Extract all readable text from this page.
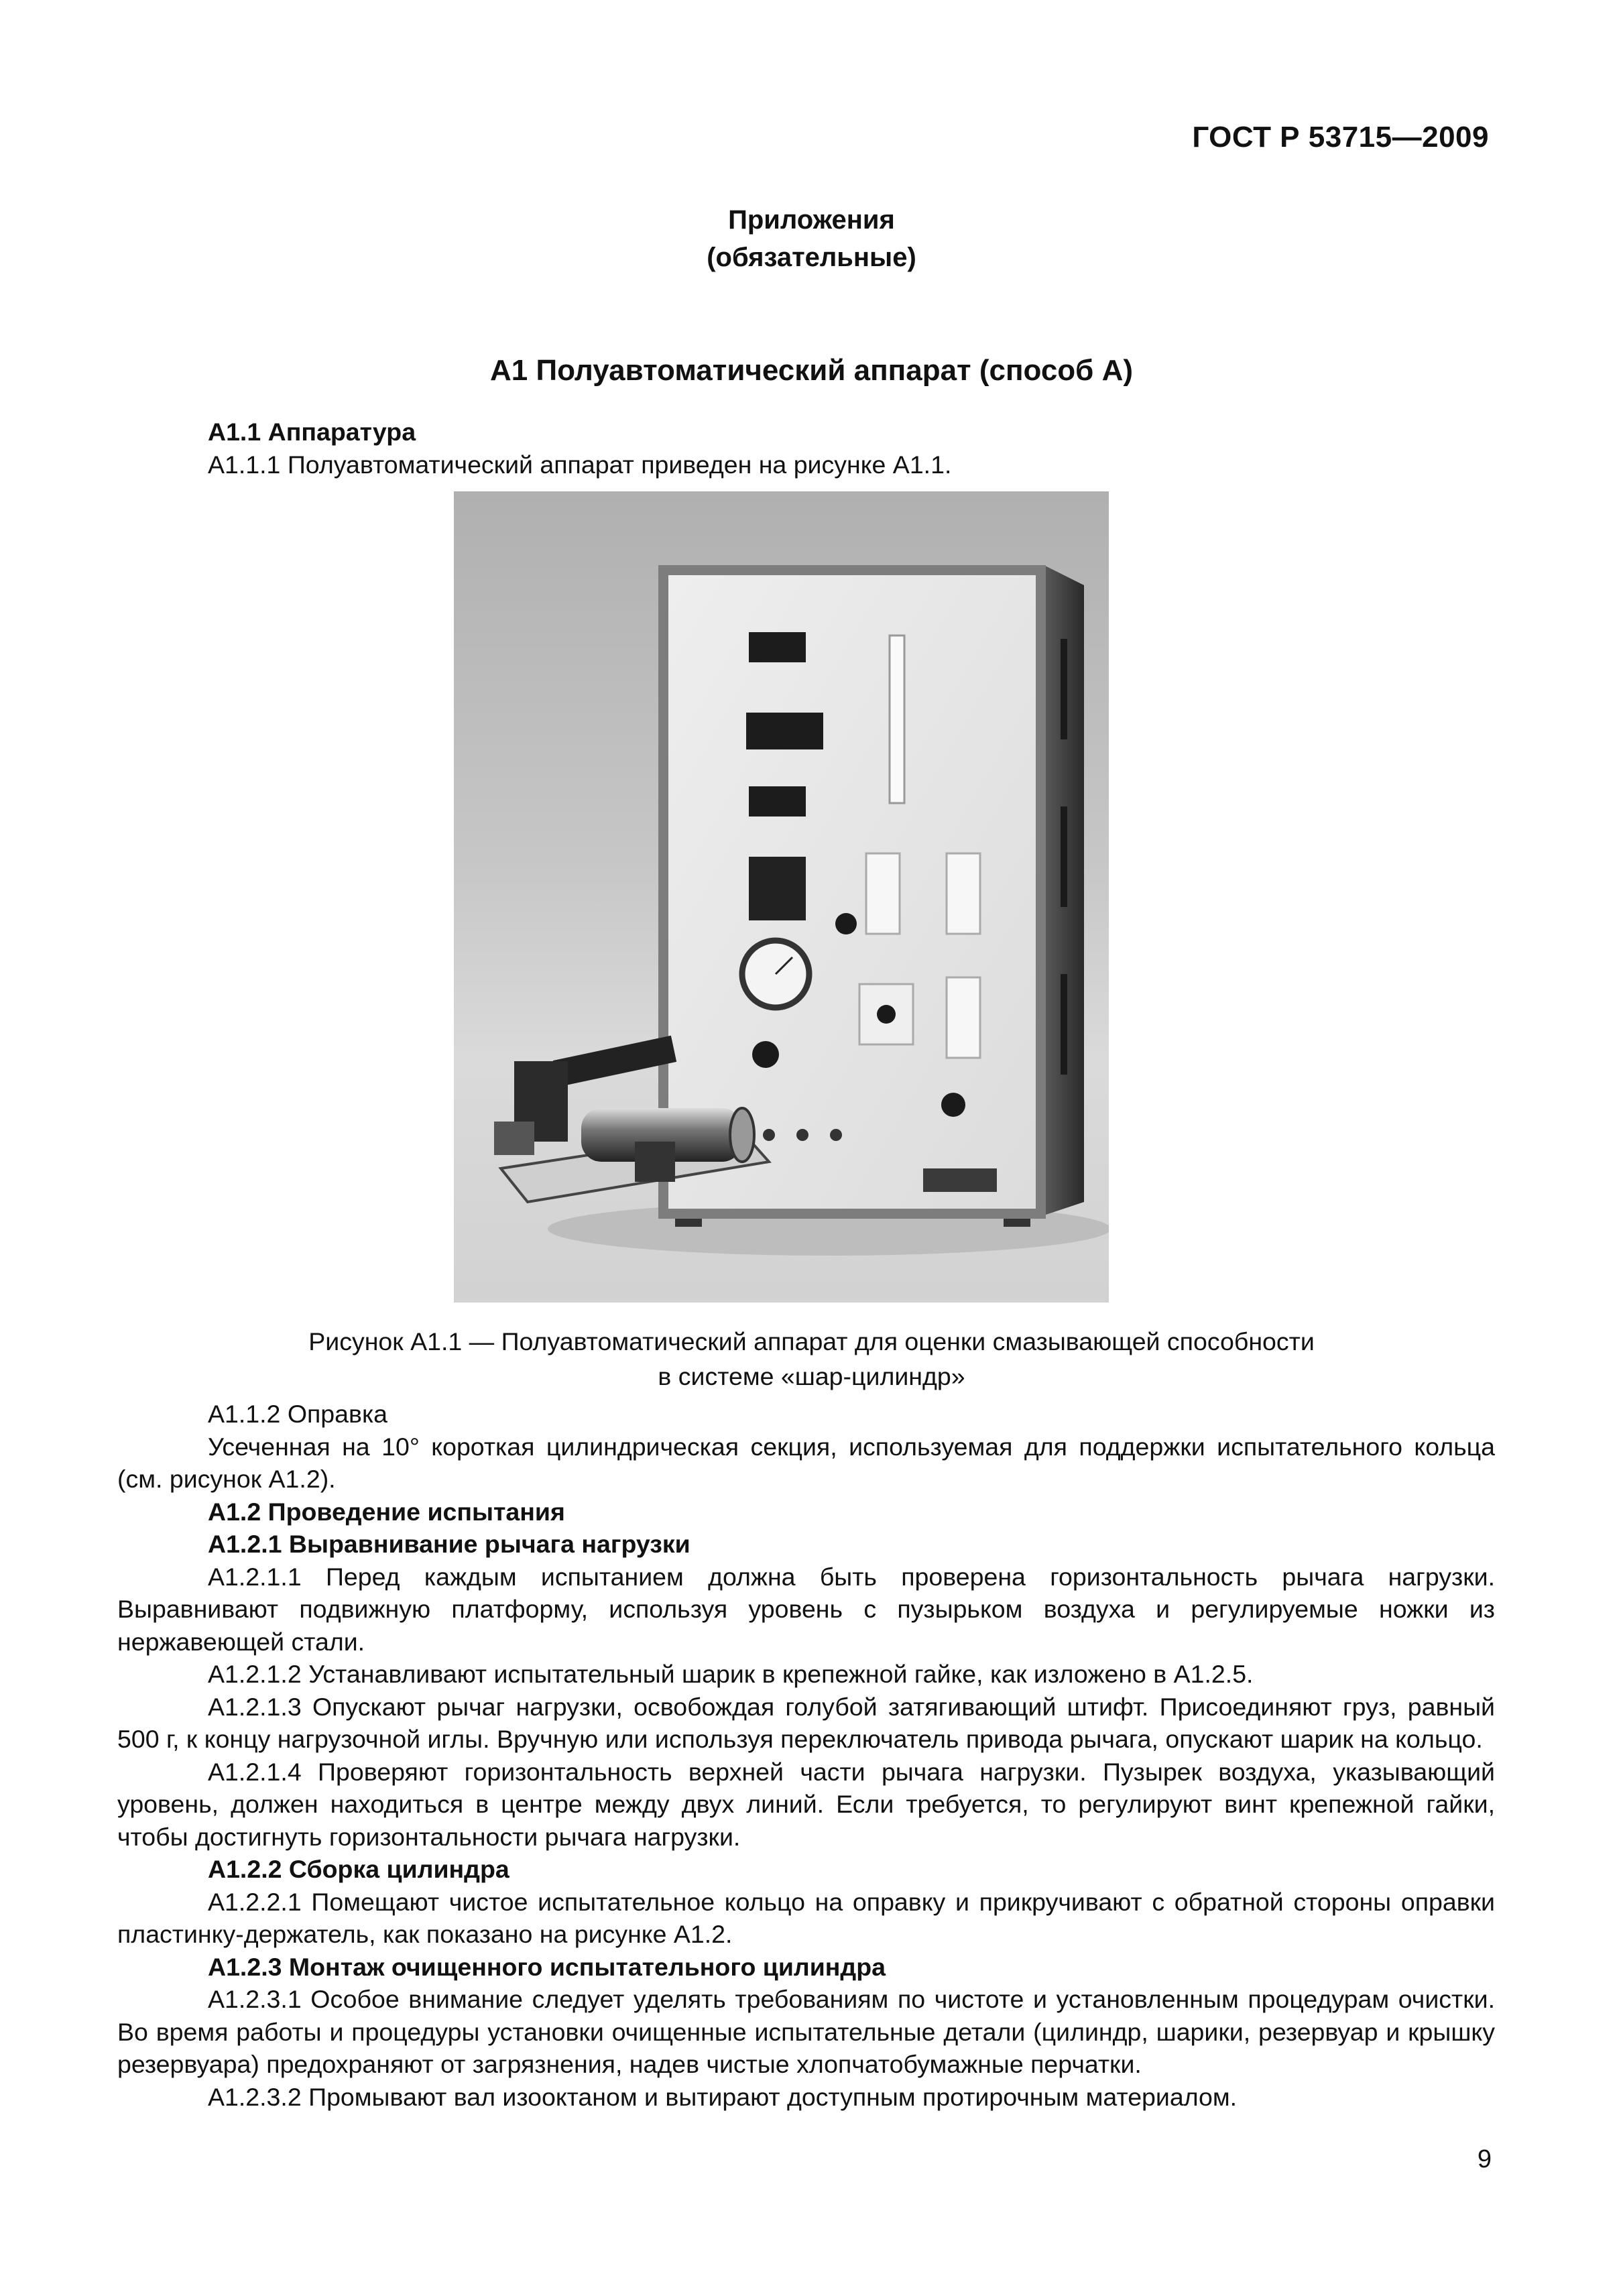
ГОСТ Р 53715—2009
Приложения
(обязательные)
А1 Полуавтоматический аппарат (способ А)

А1.1 Аппаратура

А1.1.1 Полуавтоматический аппарат приведен на рисунке А1.1.

Рисунок А1.1 — Полуавтоматический аппарат для оценки смазывающей способности
в системе «шар-цилиндр»

А1.1.2 Оправка

Усеченная на 10° короткая цилиндрическая секция, используемая для поддержки испытательного кольца (см. рисунок А1.2).

А1.2 Проведение испытания

А1.2.1 Выравнивание рычага нагрузки

А1.2.1.1 Перед каждым испытанием должна быть проверена горизонтальность рычага нагрузки. Выравнивают подвижную платформу, используя уровень с пузырьком воздуха и регулируемые ножки из нержавеющей стали.

А1.2.1.2 Устанавливают испытательный шарик в крепежной гайке, как изложено в А1.2.5.

А1.2.1.3 Опускают рычаг нагрузки, освобождая голубой затягивающий штифт. Присоединяют груз, равный 500 г, к концу нагрузочной иглы. Вручную или используя переключатель привода рычага, опускают шарик на кольцо.

А1.2.1.4 Проверяют горизонтальность верхней части рычага нагрузки. Пузырек воздуха, указывающий уровень, должен находиться в центре между двух линий. Если требуется, то регулируют винт крепежной гайки, чтобы достигнуть горизонтальности рычага нагрузки.

А1.2.2 Сборка цилиндра

А1.2.2.1 Помещают чистое испытательное кольцо на оправку и прикручивают с обратной стороны оправки пластинку-держатель, как показано на рисунке А1.2.

А1.2.3 Монтаж очищенного испытательного цилиндра

А1.2.3.1 Особое внимание следует уделять требованиям по чистоте и установленным процедурам очистки. Во время работы и процедуры установки очищенные испытательные детали (цилиндр, шарики, резервуар и крышку резервуара) предохраняют от загрязнения, надев чистые хлопчатобумажные перчатки.

А1.2.3.2 Промывают вал изооктаном и вытирают доступным протирочным материалом.

9
